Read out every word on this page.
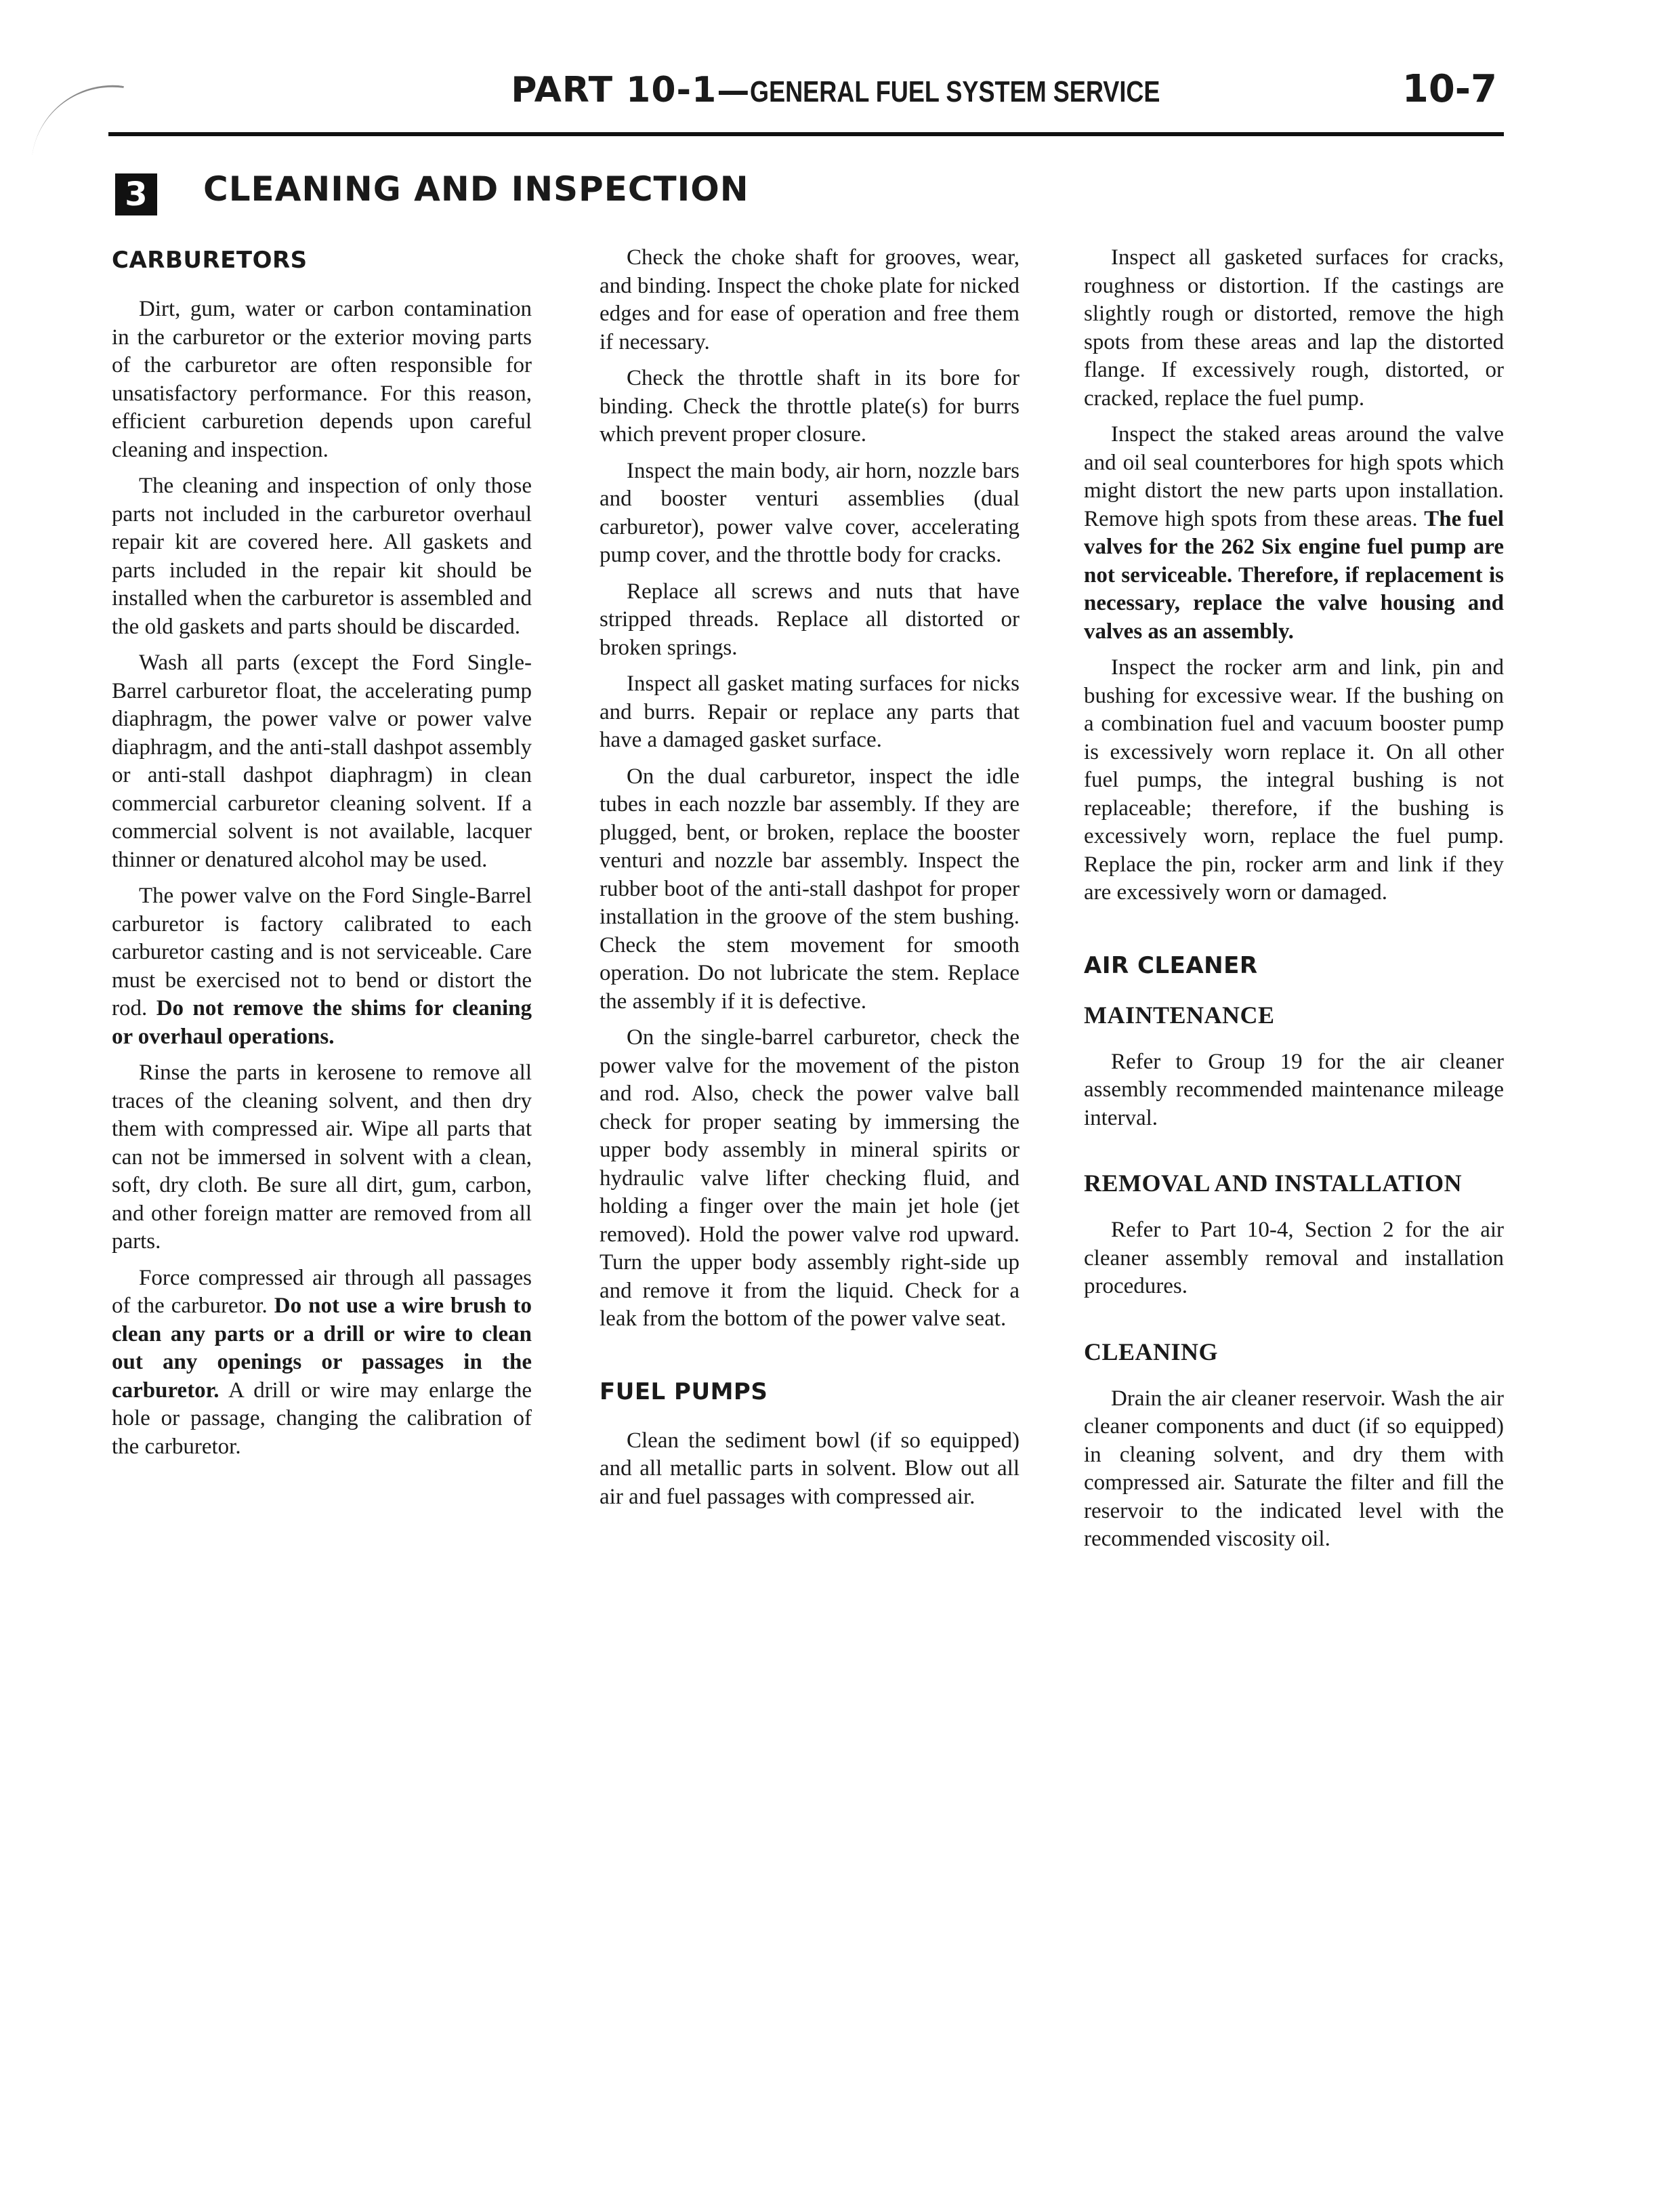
PART 10-1—GENERAL FUEL SYSTEM SERVICE	10-7
3 CLEANING AND INSPECTION
CARBURETORS

Dirt, gum, water or carbon contamination in the carburetor or the exterior moving parts of the carburetor are often responsible for unsatisfactory performance. For this reason, efficient carburetion depends upon careful cleaning and inspection.

The cleaning and inspection of only those parts not included in the carburetor overhaul repair kit are covered here. All gaskets and parts included in the repair kit should be installed when the carburetor is assembled and the old gaskets and parts should be discarded.

Wash all parts (except the Ford Single-Barrel carburetor float, the accelerating pump diaphragm, the power valve or power valve diaphragm, and the anti-stall dashpot assembly or anti-stall dashpot diaphragm) in clean commercial carburetor cleaning solvent. If a commercial solvent is not available, lacquer thinner or denatured alcohol may be used.

The power valve on the Ford Single-Barrel carburetor is factory calibrated to each carburetor casting and is not serviceable. Care must be exercised not to bend or distort the rod. Do not remove the shims for cleaning or overhaul operations.

Rinse the parts in kerosene to remove all traces of the cleaning solvent, and then dry them with compressed air. Wipe all parts that can not be immersed in solvent with a clean, soft, dry cloth. Be sure all dirt, gum, carbon, and other foreign matter are removed from all parts.

Force compressed air through all passages of the carburetor. Do not use a wire brush to clean any parts or a drill or wire to clean out any openings or passages in the carburetor. A drill or wire may enlarge the hole or passage, changing the calibration of the carburetor.

Check the choke shaft for grooves, wear, and binding. Inspect the choke plate for nicked edges and for ease of operation and free them if necessary.

Check the throttle shaft in its bore for binding. Check the throttle plate(s) for burrs which prevent proper closure.

Inspect the main body, air horn, nozzle bars and booster venturi assemblies (dual carburetor), power valve cover, accelerating pump cover, and the throttle body for cracks.

Replace all screws and nuts that have stripped threads. Replace all distorted or broken springs.

Inspect all gasket mating surfaces for nicks and burrs. Repair or replace any parts that have a damaged gasket surface.

On the dual carburetor, inspect the idle tubes in each nozzle bar assembly. If they are plugged, bent, or broken, replace the booster venturi and nozzle bar assembly. Inspect the rubber boot of the anti-stall dashpot for proper installation in the groove of the stem bushing. Check the stem movement for smooth operation. Do not lubricate the stem. Replace the assembly if it is defective.

On the single-barrel carburetor, check the power valve for the movement of the piston and rod. Also, check the power valve ball check for proper seating by immersing the upper body assembly in mineral spirits or hydraulic valve lifter checking fluid, and holding a finger over the main jet hole (jet removed). Hold the power valve rod upward. Turn the upper body assembly right-side up and remove it from the liquid. Check for a leak from the bottom of the power valve seat.

FUEL PUMPS

Clean the sediment bowl (if so equipped) and all metallic parts in solvent. Blow out all air and fuel passages with compressed air.

Inspect all gasketed surfaces for cracks, roughness or distortion. If the castings are slightly rough or distorted, remove the high spots from these areas and lap the distorted flange. If excessively rough, distorted, or cracked, replace the fuel pump.

Inspect the staked areas around the valve and oil seal counterbores for high spots which might distort the new parts upon installation. Remove high spots from these areas. The fuel valves for the 262 Six engine fuel pump are not serviceable. Therefore, if replacement is necessary, replace the valve housing and valves as an assembly.

Inspect the rocker arm and link, pin and bushing for excessive wear. If the bushing on a combination fuel and vacuum booster pump is excessively worn replace it. On all other fuel pumps, the integral bushing is not replaceable; therefore, if the bushing is excessively worn, replace the fuel pump. Replace the pin, rocker arm and link if they are excessively worn or damaged.

AIR CLEANER
MAINTENANCE

Refer to Group 19 for the air cleaner assembly recommended maintenance mileage interval.

REMOVAL AND INSTALLATION

Refer to Part 10-4, Section 2 for the air cleaner assembly removal and installation procedures.

CLEANING

Drain the air cleaner reservoir. Wash the air cleaner components and duct (if so equipped) in cleaning solvent, and dry them with compressed air. Saturate the filter and fill the reservoir to the indicated level with the recommended viscosity oil.
